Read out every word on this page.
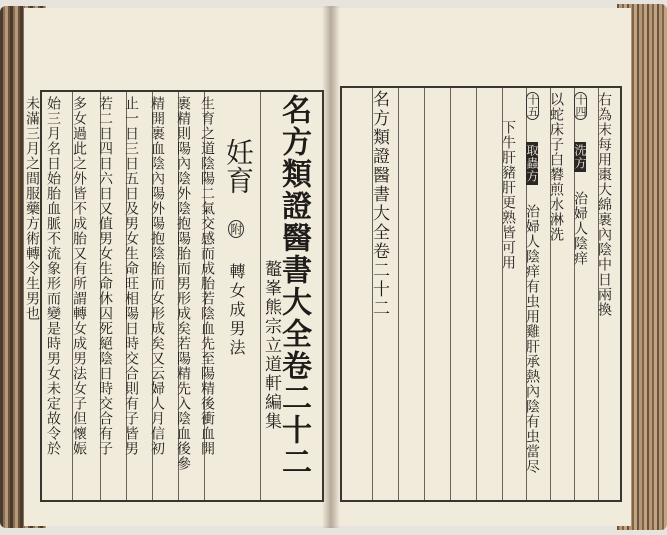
名方類證醫書大全卷二十二
鼇峯熊宗立道軒編集
妊育
附 轉女成男法
生育之道陰陽二氣交感而成胎若陰血先至陽精後衝血開
裹精則陽內陰外陰抱陽胎而男形成矣若陽精先入陰血後參
精開裹血陰內陽外陽抱陰胎而女形成矣又云婦人月信初
止一日三日五日及男女生命旺相陽日時交合則有子皆男
若二日四日六日又值男女生命休囚死絕陰日時交合有子
多女過此之外皆不成胎又有所謂轉女成男法女子但懷娠
始三月名日始胎血脈不流象形而變是時男女未定故令於
未滿三月之間服藥方術轉令生男也	名方類證醫書大全卷二十二	右為末每用棗大綿裹內陰中日兩換
十四 洗方 治婦人陰痒
以蛇床子白礬煎水淋洗
十五 取蟲方 治婦人陰痒有虫用雞肝承熱內陰有虫當尽
下牛肝豬肝更熟皆可用
